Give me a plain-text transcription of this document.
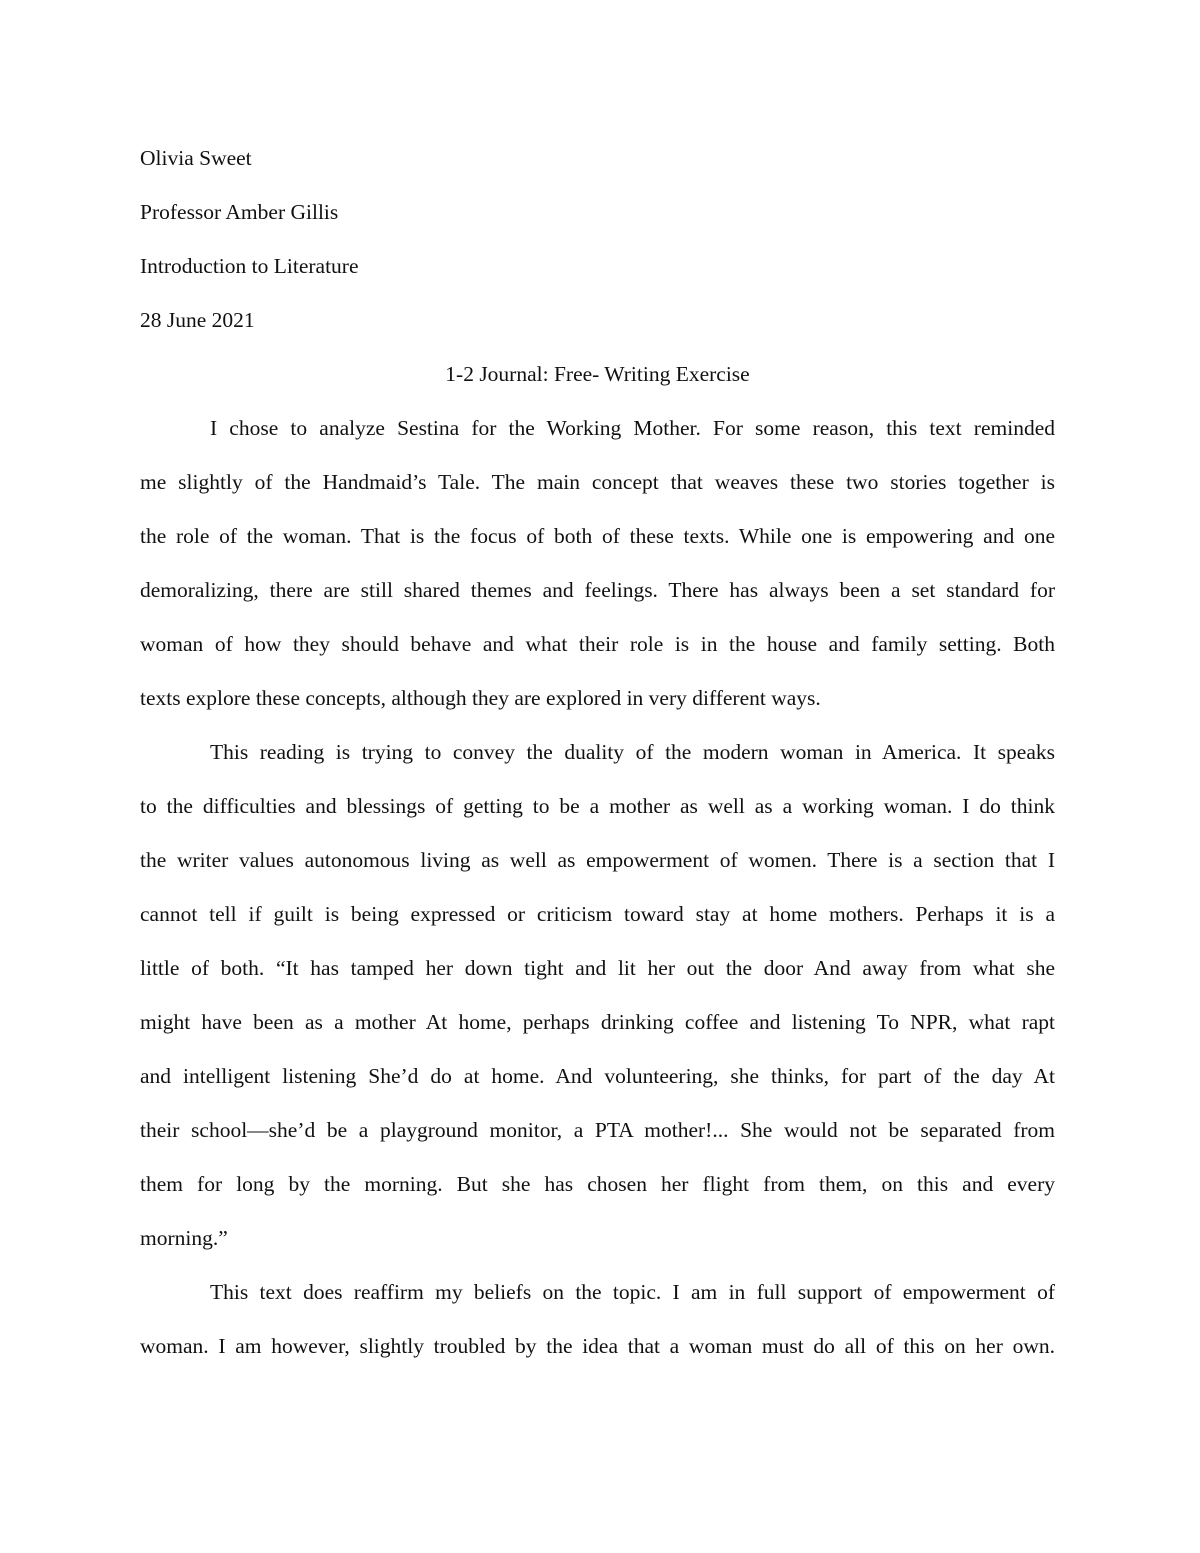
Olivia Sweet

Professor Amber Gillis

Introduction to Literature

28 June 2021

1-2 Journal: Free- Writing Exercise

I chose to analyze Sestina for the Working Mother. For some reason, this text reminded
me slightly of the Handmaid’s Tale. The main concept that weaves these two stories together is
the role of the woman. That is the focus of both of these texts. While one is empowering and one
demoralizing, there are still shared themes and feelings. There has always been a set standard for
woman of how they should behave and what their role is in the house and family setting. Both
texts explore these concepts, although they are explored in very different ways.
This reading is trying to convey the duality of the modern woman in America. It speaks
to the difficulties and blessings of getting to be a mother as well as a working woman. I do think
the writer values autonomous living as well as empowerment of women. There is a section that I
cannot tell if guilt is being expressed or criticism toward stay at home mothers. Perhaps it is a
little of both. “It has tamped her down tight and lit her out the door And away from what she
might have been as a mother At home, perhaps drinking coffee and listening To NPR, what rapt
and intelligent listening She’d do at home. And volunteering, she thinks, for part of the day At
their school—she’d be a playground monitor, a PTA mother!... She would not be separated from
them for long by the morning. But she has chosen her flight from them, on this and every
morning.”
This text does reaffirm my beliefs on the topic. I am in full support of empowerment of
woman. I am however, slightly troubled by the idea that a woman must do all of this on her own.
